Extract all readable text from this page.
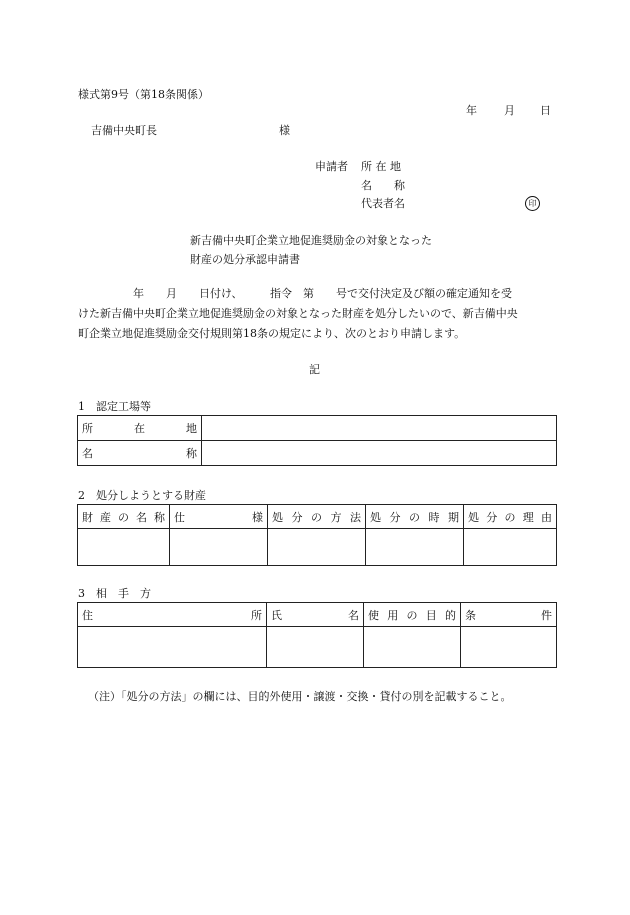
様式第9号（第18条関係）
年 月 日
吉備中央町長	様
申請者 所 在 地
名　　称
代表者名	印
新吉備中央町企業立地促進奨励金の対象となった
財産の処分承認申請書
　　　　　年　　月　　日付け、　　　指令　第　　号で交付決定及び額の確定通知を受
けた新吉備中央町企業立地促進奨励金の対象となった財産を処分したいので、新吉備中央
町企業立地促進奨励金交付規則第18条の規定により、次のとおり申請します。
記
1　認定工場等
所在地	

名称	

2　処分しようとする財産
財産の名称	仕様	処分の方法	処分の時期	処分の理由

3　相　手　方
住所	氏名	使用の目的	条件

（注）「処分の方法」の欄には、目的外使用・譲渡・交換・貸付の別を記載すること。
